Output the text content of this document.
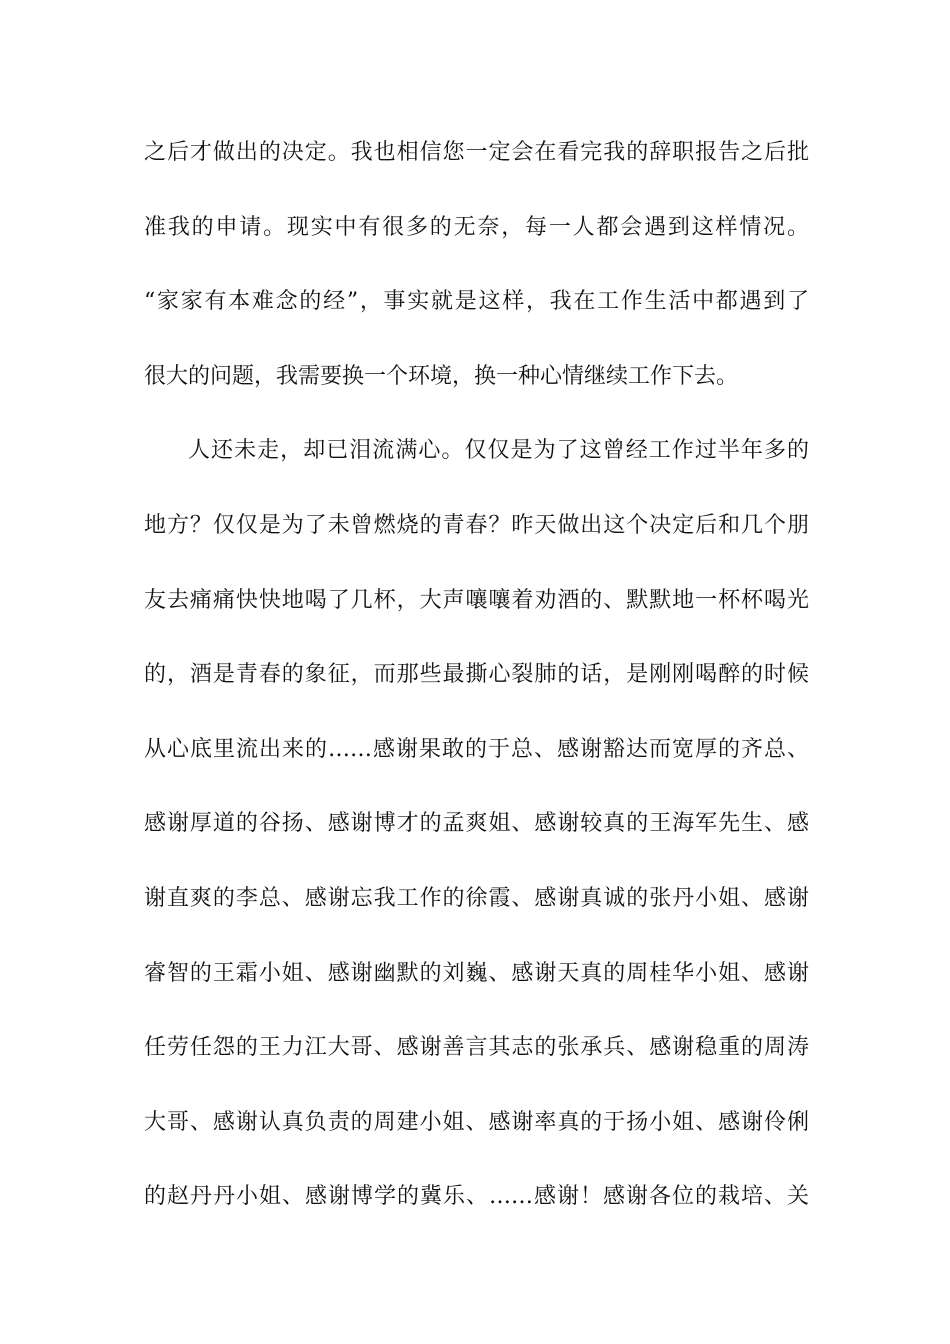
之后才做出的决定。我也相信您一定会在看完我的辞职报告之后批
准我的申请。现实中有很多的无奈，每一人都会遇到这样情况。
“家家有本难念的经”，事实就是这样，我在工作生活中都遇到了
很大的问题，我需要换一个环境，换一种心情继续工作下去。
人还未走，却已泪流满心。仅仅是为了这曾经工作过半年多的
地方？仅仅是为了未曾燃烧的青春？昨天做出这个决定后和几个朋
友去痛痛快快地喝了几杯，大声嚷嚷着劝酒的、默默地一杯杯喝光
的，酒是青春的象征，而那些最撕心裂肺的话，是刚刚喝醉的时候
从心底里流出来的……感谢果敢的于总、感谢豁达而宽厚的齐总、
感谢厚道的谷扬、感谢博才的孟爽姐、感谢较真的王海军先生、感
谢直爽的李总、感谢忘我工作的徐霞、感谢真诚的张丹小姐、感谢
睿智的王霜小姐、感谢幽默的刘巍、感谢天真的周桂华小姐、感谢
任劳任怨的王力江大哥、感谢善言其志的张承兵、感谢稳重的周涛
大哥、感谢认真负责的周建小姐、感谢率真的于扬小姐、感谢伶俐
的赵丹丹小姐、感谢博学的冀乐、……感谢！感谢各位的栽培、关
